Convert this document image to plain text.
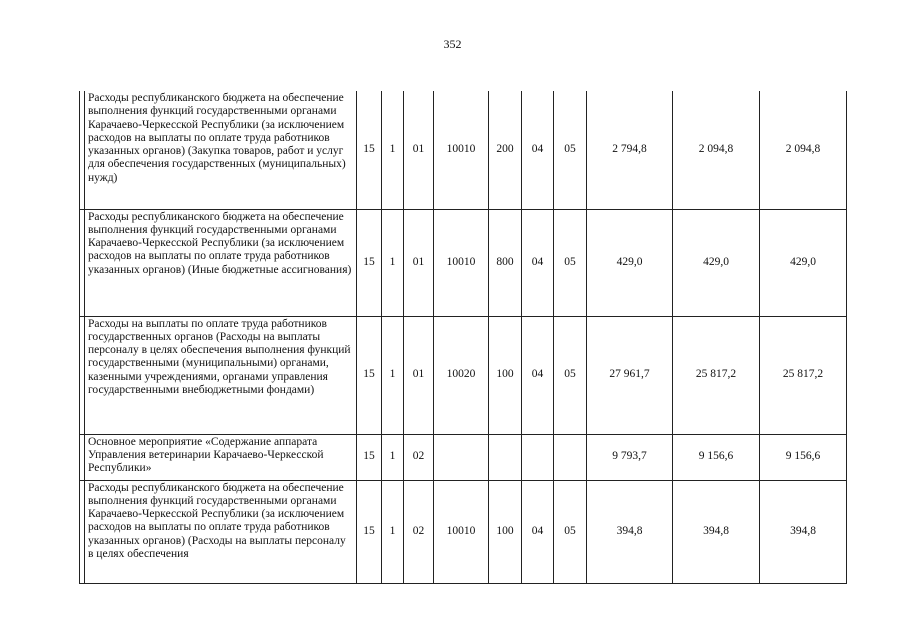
352
	Расходы республиканского бюджета на обеспечение выполнения функций государственными органами Карачаево-Черкесской Республики (за исключением расходов на выплаты по оплате труда работников указанных органов) (Закупка товаров, работ и услуг для обеспечения государственных (муниципальных) нужд)	15	1	01	10010	200	04	05	2 794,8	2 094,8	2 094,8
	Расходы республиканского бюджета на обеспечение выполнения функций государственными органами Карачаево-Черкесской Республики (за исключением расходов на выплаты по оплате труда работников указанных органов) (Иные бюджетные ассигнования)	15	1	01	10010	800	04	05	429,0	429,0	429,0
	Расходы на выплаты по оплате труда работников государственных органов (Расходы на выплаты персоналу в целях обеспечения выполнения функций государственными (муниципальными) органами, казенными учреждениями, органами управления государственными внебюджетными фондами)	15	1	01	10020	100	04	05	27 961,7	25 817,2	25 817,2
	Основное мероприятие «Содержание аппарата Управления ветеринарии Карачаево-Черкесской Республики»	15	1	02					9 793,7	9 156,6	9 156,6
	Расходы республиканского бюджета на обеспечение выполнения функций государственными органами Карачаево-Черкесской Республики (за исключением расходов на выплаты по оплате труда работников указанных органов) (Расходы на выплаты персоналу в целях обеспечения	15	1	02	10010	100	04	05	394,8	394,8	394,8
